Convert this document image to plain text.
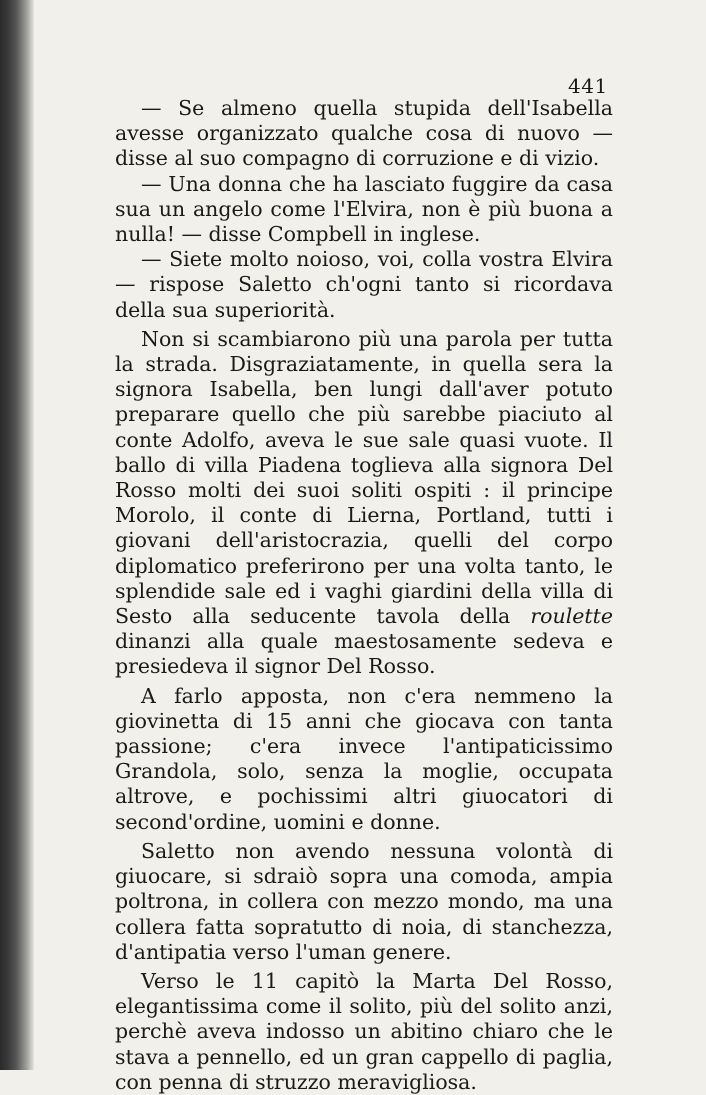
441

— Se almeno quella stupida dell'Isabella avesse organizzato qualche cosa di nuovo — disse al suo compagno di corruzione e di vizio.

— Una donna che ha lasciato fuggire da casa sua un angelo come l'Elvira, non è più buona a nulla! — disse Compbell in inglese.

— Siete molto noioso, voi, colla vostra Elvira — rispose Saletto ch'ogni tanto si ricordava della sua superiorità.

Non si scambiarono più una parola per tutta la strada. Disgraziatamente, in quella sera la signora Isabella, ben lungi dall'aver potuto preparare quello che più sarebbe piaciuto al conte Adolfo, aveva le sue sale quasi vuote. Il ballo di villa Piadena toglieva alla signora Del Rosso molti dei suoi soliti ospiti : il principe Morolo, il conte di Lierna, Portland, tutti i giovani dell'aristocrazia, quelli del corpo diplomatico preferirono per una volta tanto, le splendide sale ed i vaghi giardini della villa di Sesto alla seducente tavola della roulette dinanzi alla quale maestosamente sedeva e presiedeva il signor Del Rosso.

A farlo apposta, non c'era nemmeno la giovinetta di 15 anni che giocava con tanta passione; c'era invece l'antipaticissimo Grandola, solo, senza la moglie, occupata altrove, e pochissimi altri giuocatori di second'ordine, uomini e donne.

Saletto non avendo nessuna volontà di giuocare, si sdraiò sopra una comoda, ampia poltrona, in collera con mezzo mondo, ma una collera fatta sopratutto di noia, di stanchezza, d'antipatia verso l'uman genere.

Verso le 11 capitò la Marta Del Rosso, elegantissima come il solito, più del solito anzi, perchè aveva indosso un abitino chiaro che le stava a pennello, ed un gran cappello di paglia, con penna di struzzo meravigliosa.
